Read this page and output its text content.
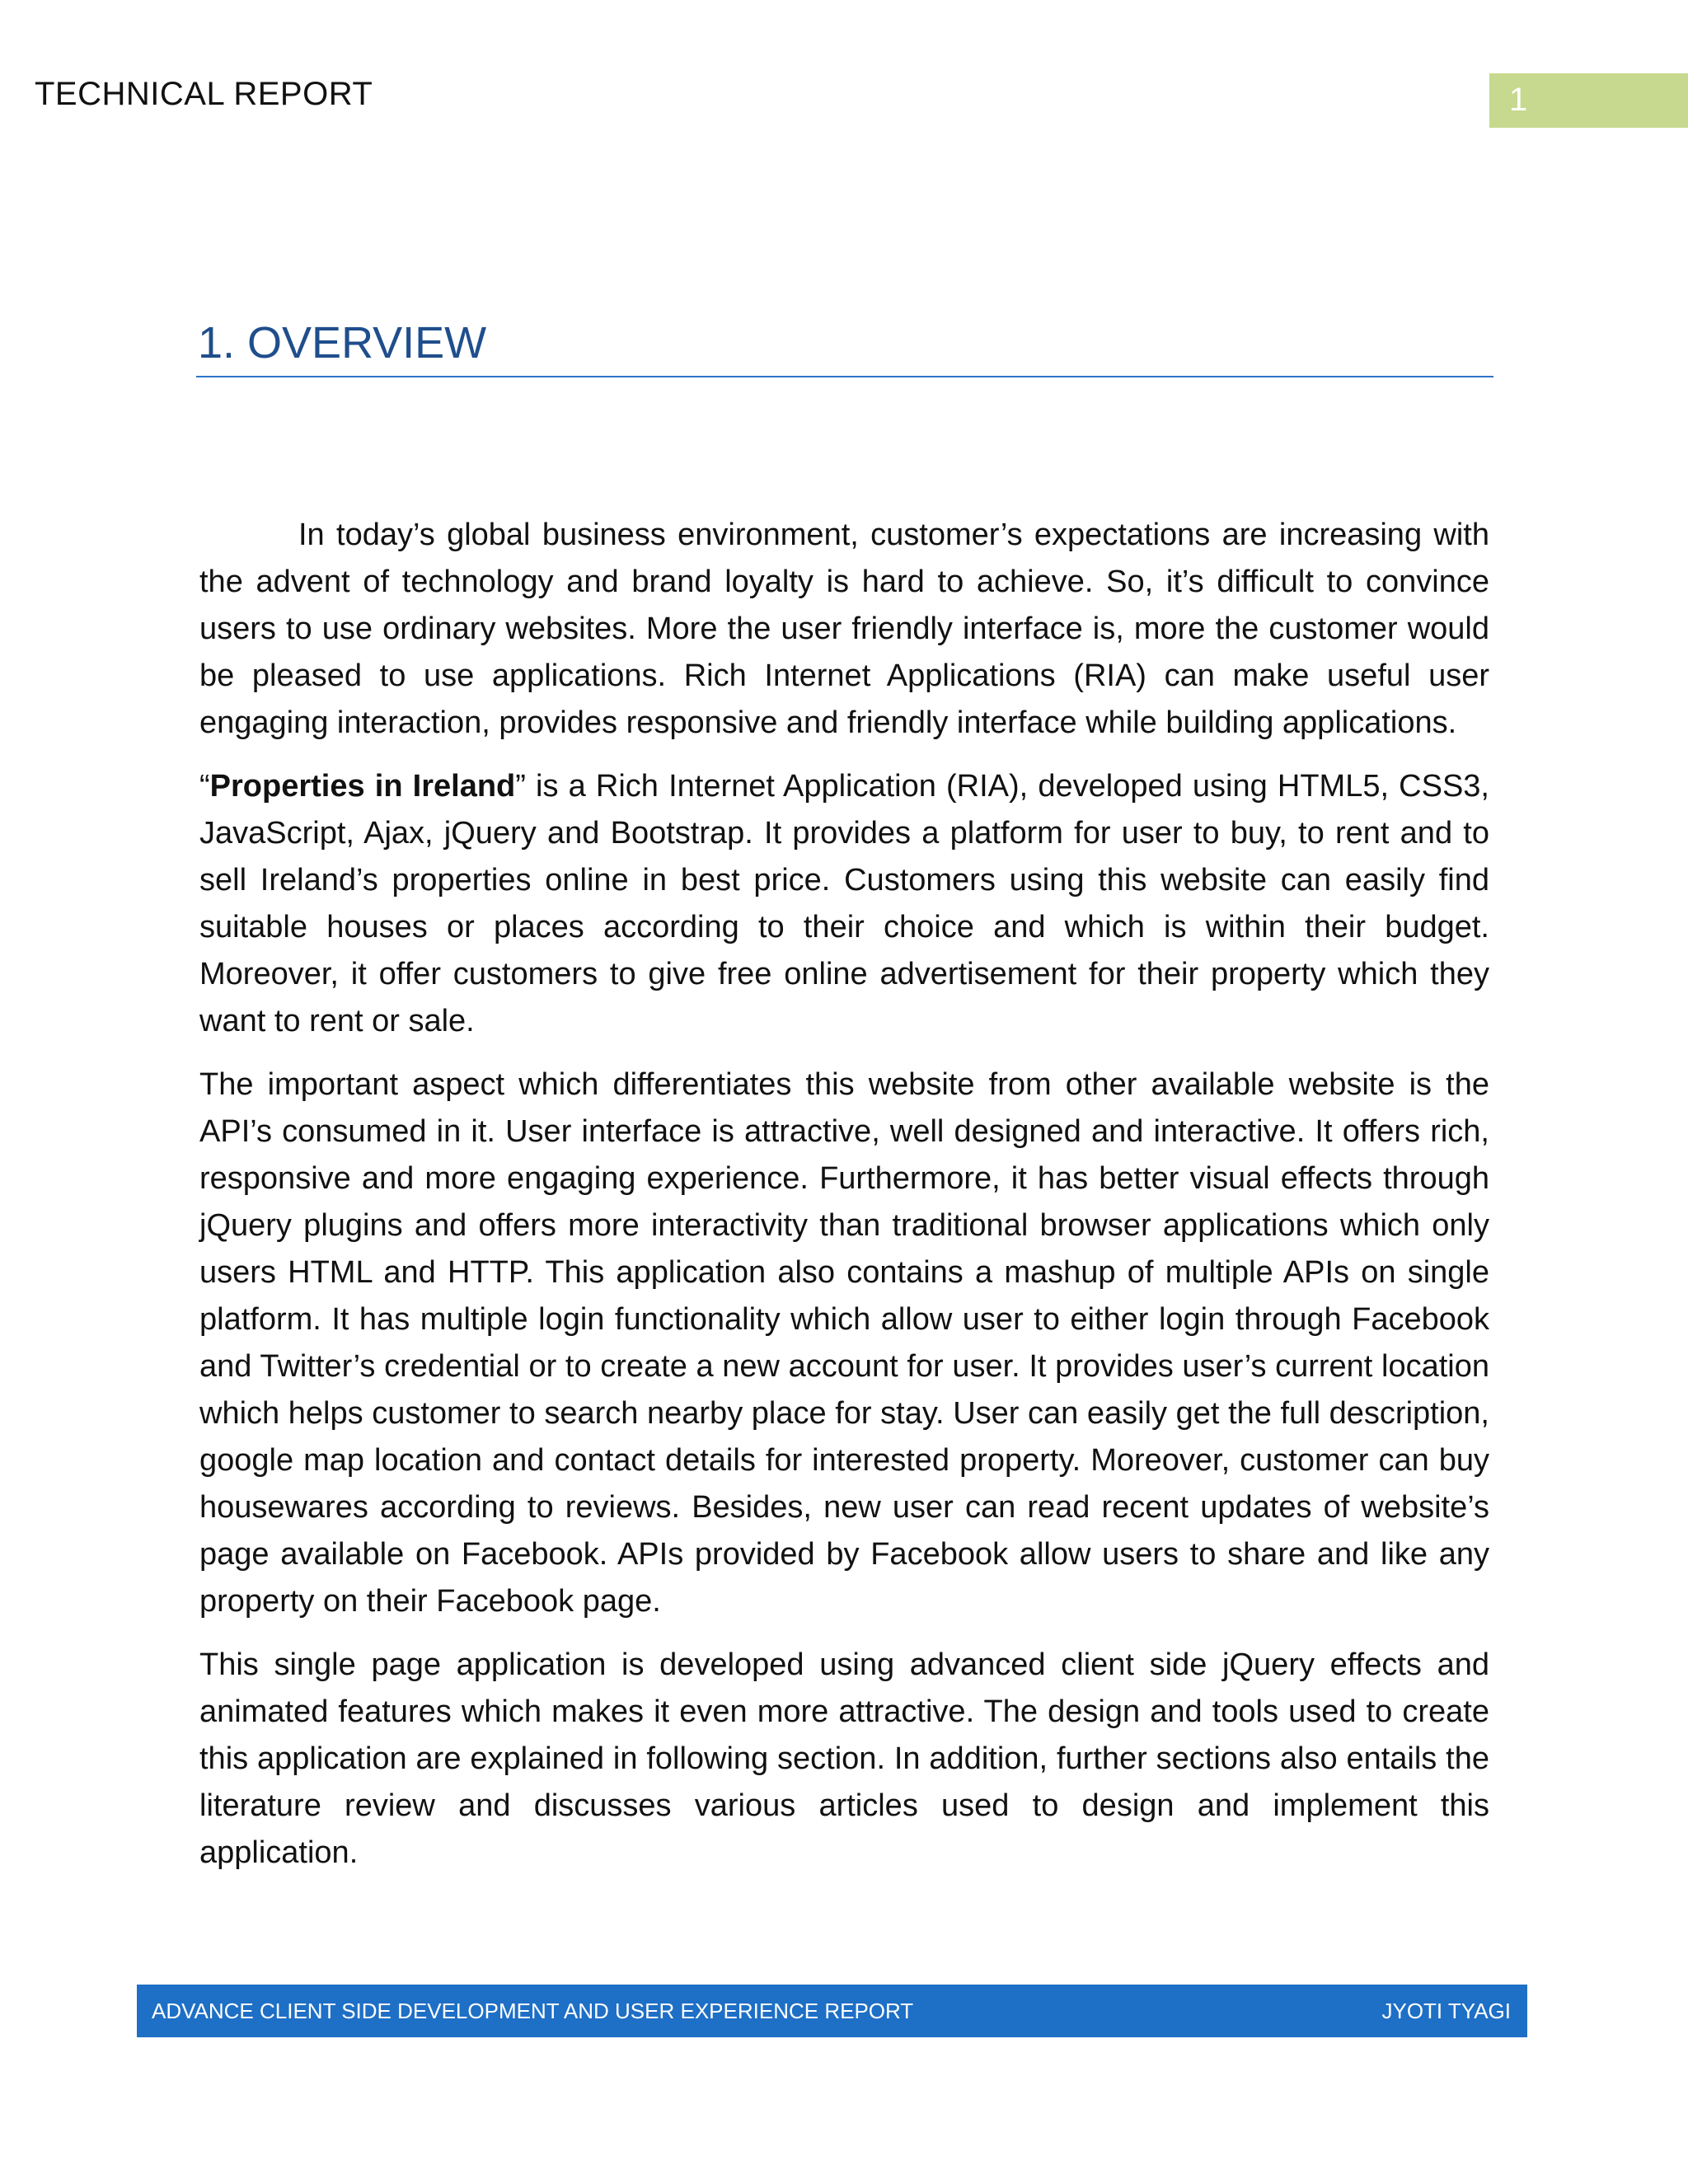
TECHNICAL REPORT	1
1. OVERVIEW

In today’s global business environment, customer’s expectations are increasing with the advent of technology and brand loyalty is hard to achieve. So, it’s difficult to convince users to use ordinary websites. More the user friendly interface is, more the customer would be pleased to use applications. Rich Internet Applications (RIA) can make useful user engaging interaction, provides responsive and friendly interface while building applications.

“Properties in Ireland” is a Rich Internet Application (RIA), developed using HTML5, CSS3, JavaScript, Ajax, jQuery and Bootstrap. It provides a platform for user to buy, to rent and to sell Ireland’s properties online in best price. Customers using this website can easily find suitable houses or places according to their choice and which is within their budget. Moreover, it offer customers to give free online advertisement for their property which they want to rent or sale.

The important aspect which differentiates this website from other available website is the API’s consumed in it. User interface is attractive, well designed and interactive. It offers rich, responsive and more engaging experience. Furthermore, it has better visual effects through jQuery plugins and offers more interactivity than traditional browser applications which only users HTML and HTTP. This application also contains a mashup of multiple APIs on single platform. It has multiple login functionality which allow user to either login through Facebook and Twitter’s credential or to create a new account for user. It provides user’s current location which helps customer to search nearby place for stay. User can easily get the full description, google map location and contact details for interested property. Moreover, customer can buy housewares according to reviews. Besides, new user can read recent updates of website’s page available on Facebook. APIs provided by Facebook allow users to share and like any property on their Facebook page.

This single page application is developed using advanced client side jQuery effects and animated features which makes it even more attractive. The design and tools used to create this application are explained in following section. In addition, further sections also entails the literature review and discusses various articles used to design and implement this application.

ADVANCE CLIENT SIDE DEVELOPMENT AND USER EXPERIENCE REPORT	JYOTI TYAGI
